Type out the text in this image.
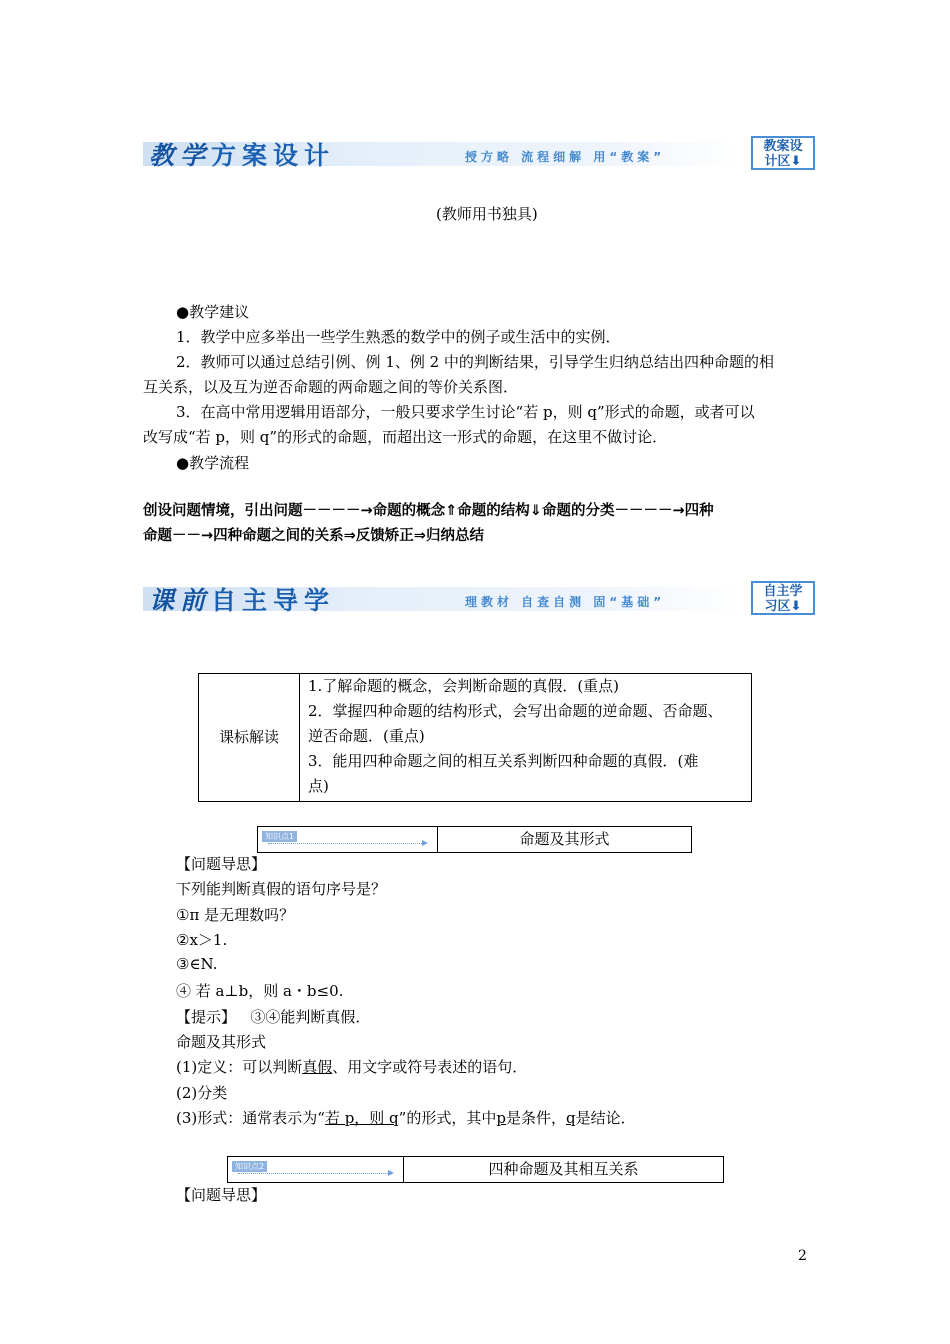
教学方案设计	授方略 流程细解 用“教案”
教案设
计区⬇
(教师用书独具)
●教学建议
1．教学中应多举出一些学生熟悉的数学中的例子或生活中的实例．
2．教师可以通过总结引例、例 1、例 2 中的判断结果，引导学生归纳总结出四种命题的相
互关系，以及互为逆否命题的两命题之间的等价关系图．
3．在高中常用逻辑用语部分，一般只要求学生讨论“若 p，则 q”形式的命题，或者可以
改写成“若 p，则 q”的形式的命题，而超出这一形式的命题，在这里不做讨论．
●教学流程
创设问题情境，引出问题－－－－→命题的概念⇑命题的结构⇓命题的分类－－－－→四种
命题－－→四种命题之间的关系⇒反馈矫正⇒归纳总结
课前自主导学	理教材 自查自测 固“基础”
自主学
习区⬇
课标解读	
1.了解命题的概念，会判断命题的真假．(重点)
2．掌握四种命题的结构形式，会写出命题的逆命题、否命题、
逆否命题．(重点)
3．能用四种命题之间的相互关系判断四种命题的真假．(难
点)
知识点1	命题及其形式
【问题导思】
下列能判断真假的语句序号是？
①π 是无理数吗？
②x＞1.
③∈N.
④ 若 a⊥b，则 a・b≤0.
【提示】 ③④能判断真假．
命题及其形式
(1)定义：可以判断真假、用文字或符号表述的语句．
(2)分类
(3)形式：通常表示为“若 p，则 q”的形式，其中p是条件，q是结论．
知识点2	四种命题及其相互关系
【问题导思】
2
